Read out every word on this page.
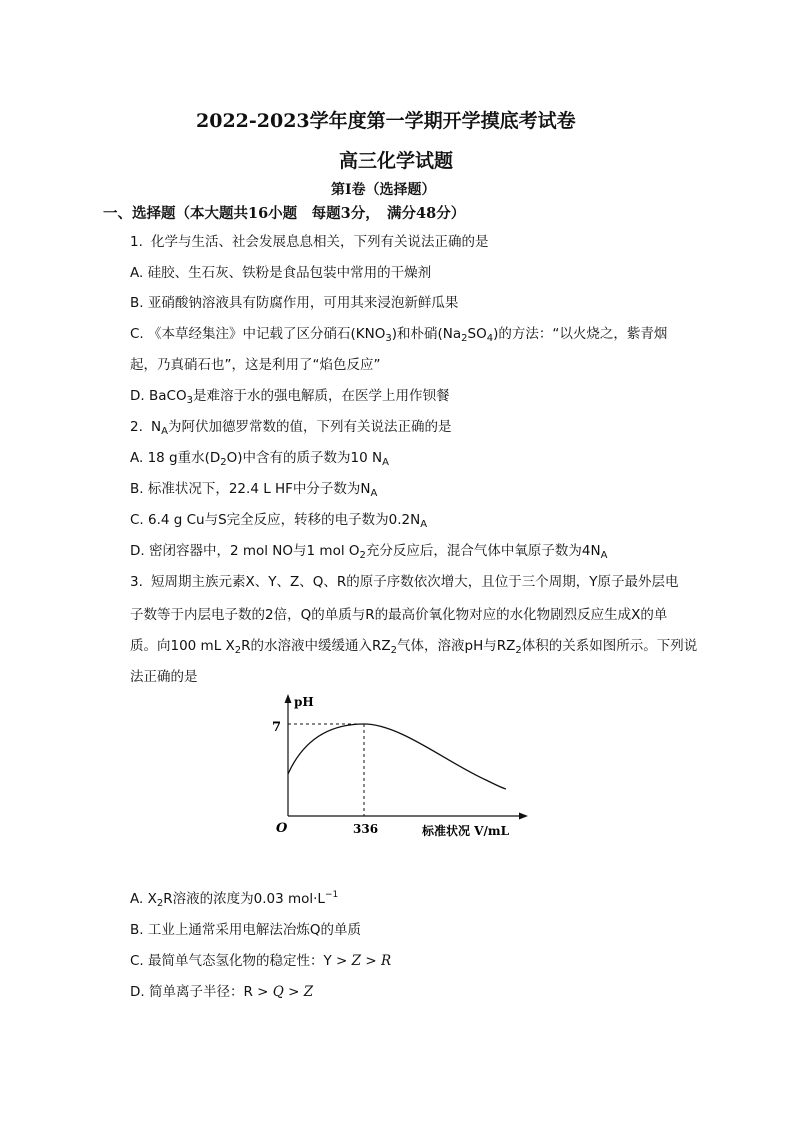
2022-2023学年度第一学期开学摸底考试卷
高三化学试题
第Ⅰ卷（选择题）
一、选择题（本大题共16小题　每题3分，　满分48分）
1. 化学与生活、社会发展息息相关，下列有关说法正确的是
A. 硅胶、生石灰、铁粉是食品包装中常用的干燥剂
B. 亚硝酸钠溶液具有防腐作用，可用其来浸泡新鲜瓜果
C. 《本草经集注》中记载了区分硝石$(KNO_3)$和朴硝$(Na_2SO_4)$的方法：“以火烧之，紫青烟
起，乃真硝石也”，这是利用了“焰色反应”
D. BaCO$_3$是难溶于水的强电解质，在医学上用作钡餐
2. $N_A$为阿伏加德罗常数的值，下列有关说法正确的是
A. 18 g重水$(D_2O)$中含有的质子数为10 $N_A$
B. 标准状况下，22.4 L HF中分子数为$N_A$
C. 6.4 g Cu与S完全反应，转移的电子数为$0.2N_A$
D. 密闭容器中，2 mol NO与1 mol $O_2$充分反应后，混合气体中氧原子数为$4N_A$
3. 短周期主族元素X、Y、Z、Q、R的原子序数依次增大，且位于三个周期，Y原子最外层电
子数等于内层电子数的2倍，Q的单质与R的最高价氧化物对应的水化物剧烈反应生成X的单
质。向100 mL $X_2R$的水溶液中缓缓通入$RZ_2$气体，溶液pH与$RZ_2$体积的关系如图所示。下列说
法正确的是
pH
7
O	336	标准状况 V/mL
A. $X_2R$溶液的浓度为0.03 $mol\cdot L^{-1}$
B. 工业上通常采用电解法冶炼Q的单质
C. 最简单气态氢化物的稳定性：Y > Z > R
D. 简单离子半径：R > Q > Z
